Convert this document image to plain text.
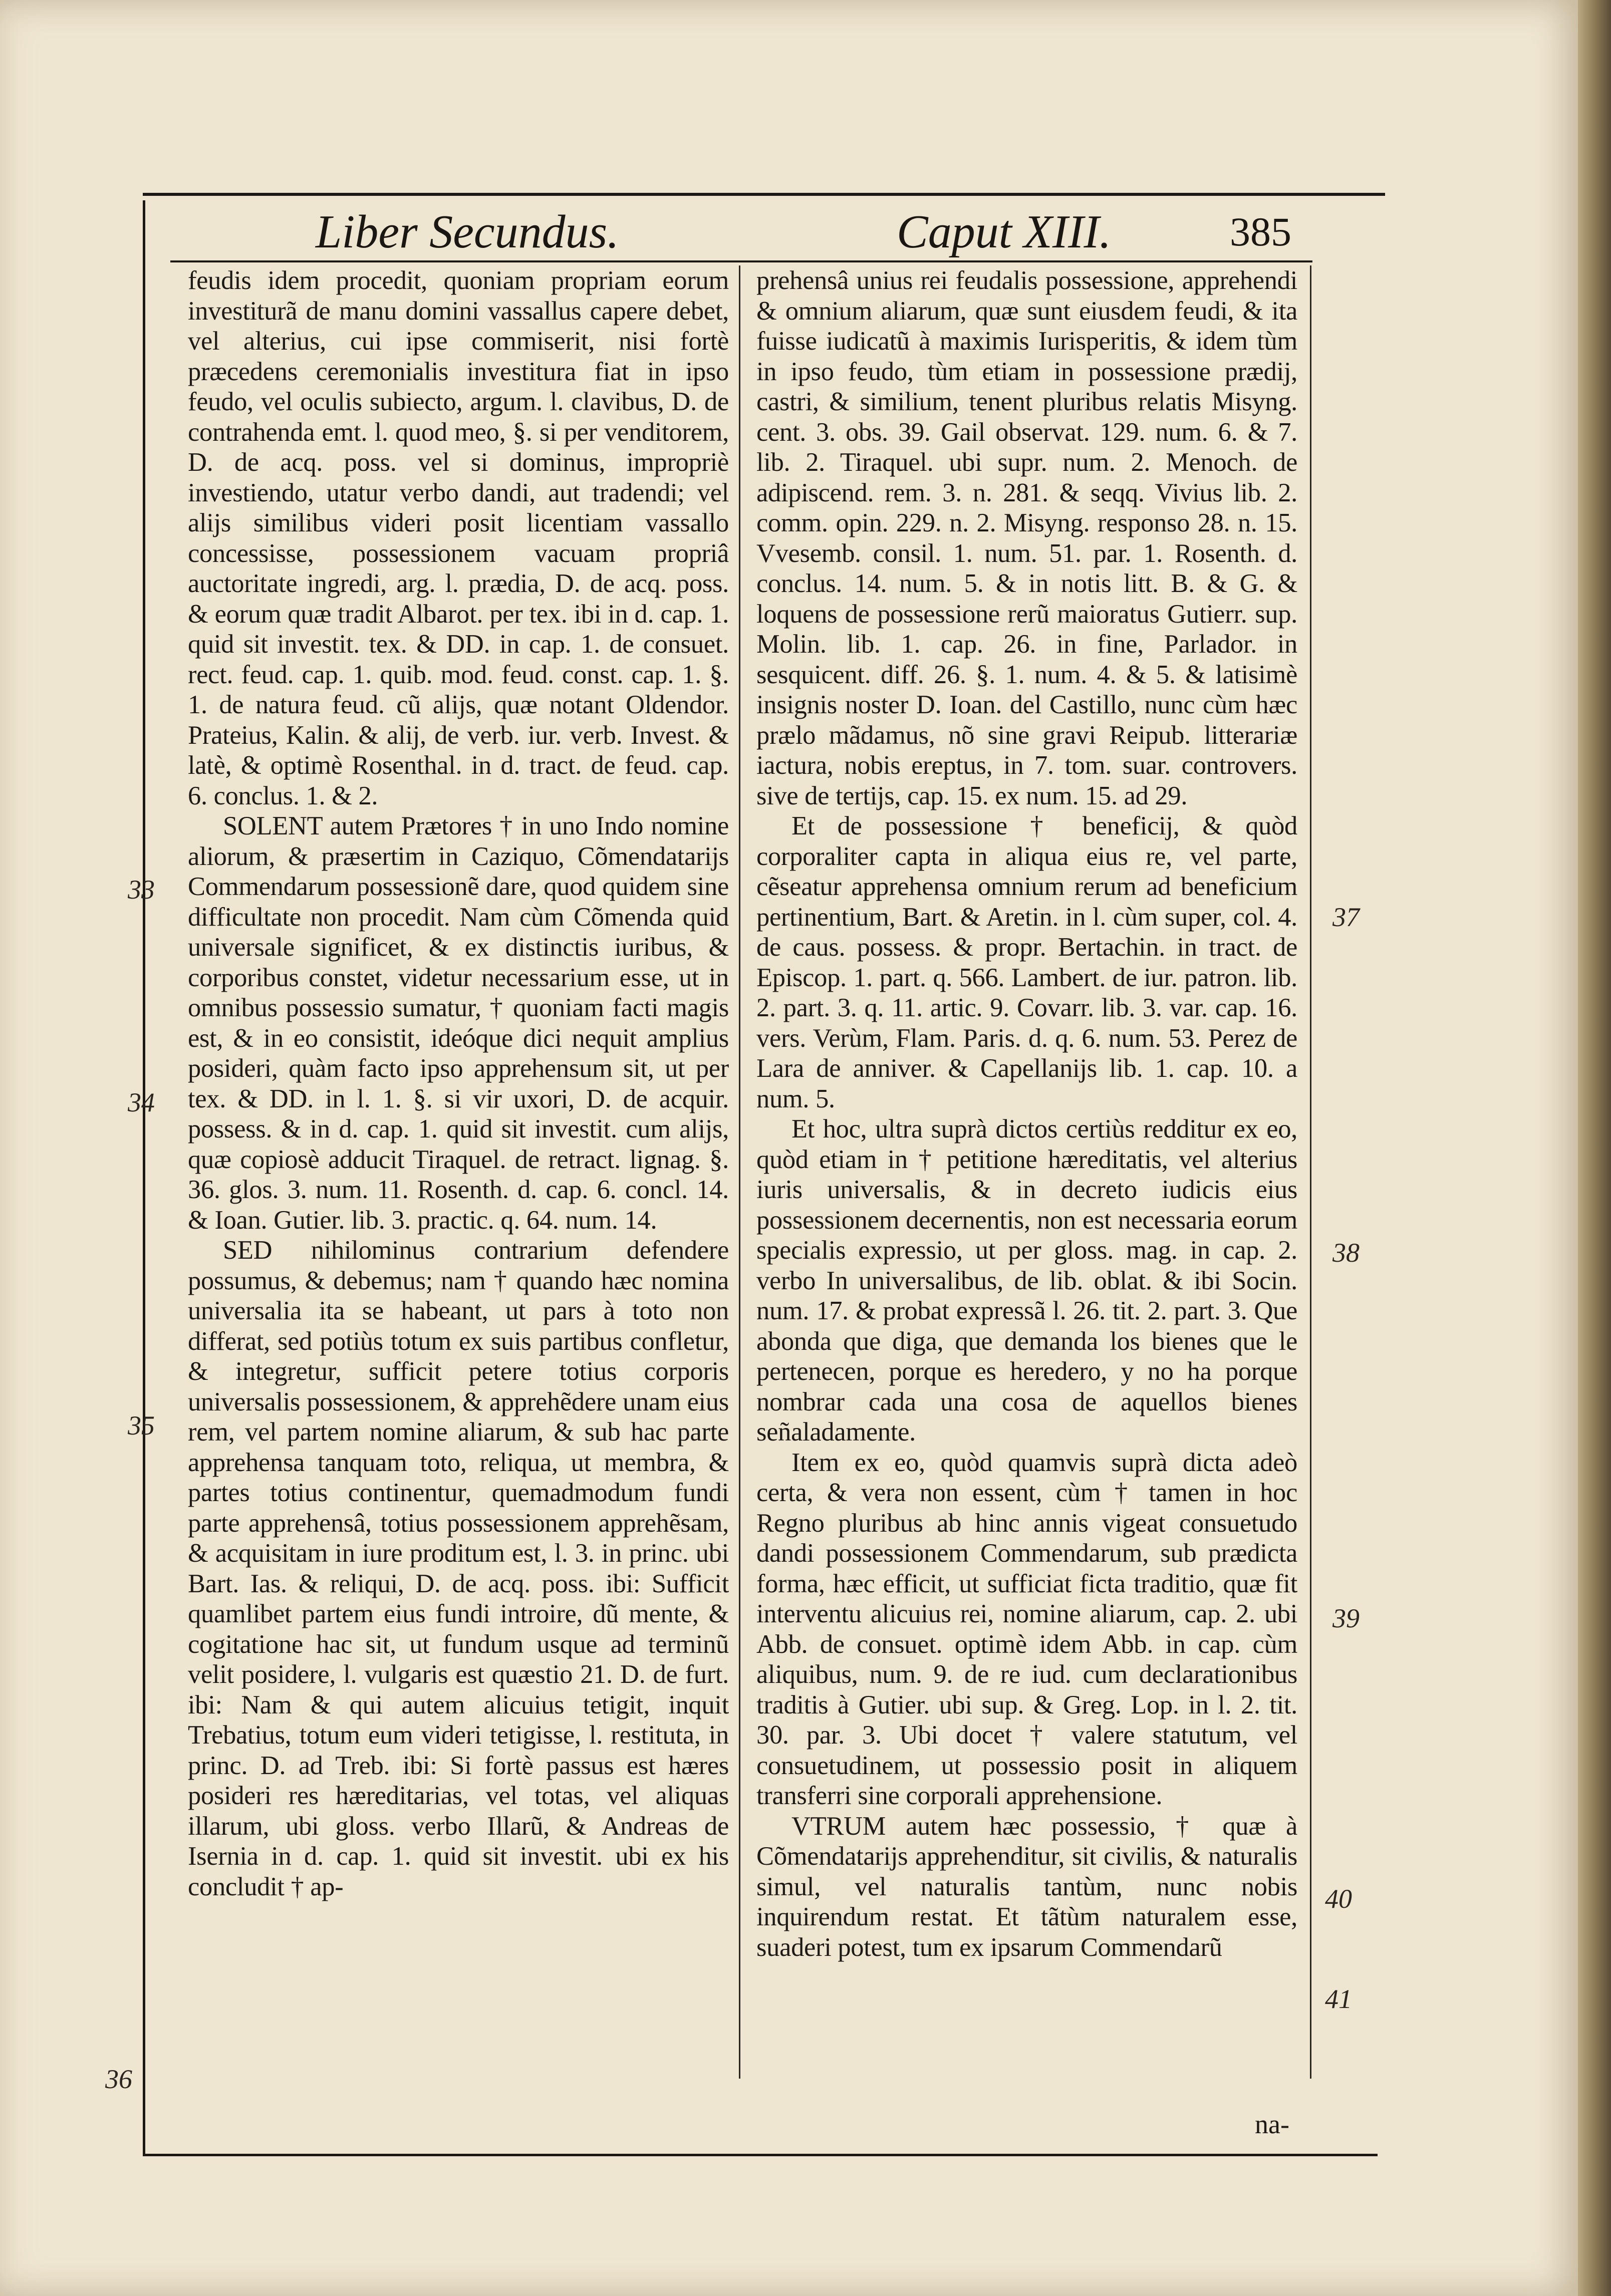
Liber Secundus.	Caput XIII.	385

feudis idem procedit, quoniam propriam eorum investiturã de manu domini vassallus capere debet, vel alterius, cui ipse commiserit, nisi fortè præcedens ceremonialis investitura fiat in ipso feudo, vel oculis subiecto, argum. l. clavibus, D. de contrahenda emt. l. quod meo, §. si per venditorem, D. de acq. poss. vel si dominus, impropriè investiendo, utatur verbo dandi, aut tradendi; vel alijs similibus videri posit licentiam vassallo concessisse, possessionem vacuam propriâ auctoritate ingredi, arg. l. prædia, D. de acq. poss. & eorum quæ tradit Albarot. per tex. ibi in d. cap. 1. quid sit investit. tex. & DD. in cap. 1. de consuet. rect. feud. cap. 1. quib. mod. feud. const. cap. 1. §. 1. de natura feud. cũ alijs, quæ notant Oldendor. Prateius, Kalin. & alij, de verb. iur. verb. Invest. & latè, & optimè Rosenthal. in d. tract. de feud. cap. 6. conclus. 1. & 2.

SOLENT autem Prætores † in uno Indo nomine aliorum, & præsertim in Caziquo, Cõmendatarijs Commendarum possessionẽ dare, quod quidem sine difficultate non procedit. Nam cùm Cõmenda quid universale significet, & ex distinctis iuribus, & corporibus constet, videtur necessarium esse, ut in omnibus possessio sumatur, † quoniam facti magis est, & in eo consistit, ideóque dici nequit amplius posideri, quàm facto ipso apprehensum sit, ut per tex. & DD. in l. 1. §. si vir uxori, D. de acquir. possess. & in d. cap. 1. quid sit investit. cum alijs, quæ copiosè adducit Tiraquel. de retract. lignag. §. 36. glos. 3. num. 11. Rosenth. d. cap. 6. concl. 14. & Ioan. Gutier. lib. 3. practic. q. 64. num. 14.

SED nihilominus contrarium defendere possumus, & debemus; nam † quando hæc nomina universalia ita se habeant, ut pars à toto non differat, sed potiùs totum ex suis partibus confletur, & integretur, sufficit petere totius corporis universalis possessionem, & apprehẽdere unam eius rem, vel partem nomine aliarum, & sub hac parte apprehensa tanquam toto, reliqua, ut membra, & partes totius continentur, quemadmodum fundi parte apprehensâ, totius possessionem apprehẽsam, & acquisitam in iure proditum est, l. 3. in princ. ubi Bart. Ias. & reliqui, D. de acq. poss. ibi: Sufficit quamlibet partem eius fundi introire, dũ mente, & cogitatione hac sit, ut fundum usque ad terminũ velit posidere, l. vulgaris est quæstio 21. D. de furt. ibi: Nam & qui autem alicuius tetigit, inquit Trebatius, totum eum videri tetigisse, l. restituta, in princ. D. ad Treb. ibi: Si fortè passus est hæres posideri res hæreditarias, vel totas, vel aliquas illarum, ubi gloss. verbo Illarũ, & Andreas de Isernia in d. cap. 1. quid sit investit. ubi ex his concludit † ap-

prehensâ unius rei feudalis possessione, apprehendi & omnium aliarum, quæ sunt eiusdem feudi, & ita fuisse iudicatũ à maximis Iurisperitis, & idem tùm in ipso feudo, tùm etiam in possessione prædij, castri, & similium, tenent pluribus relatis Misyng. cent. 3. obs. 39. Gail observat. 129. num. 6. & 7. lib. 2. Tiraquel. ubi supr. num. 2. Menoch. de adipiscend. rem. 3. n. 281. & seqq. Vivius lib. 2. comm. opin. 229. n. 2. Misyng. responso 28. n. 15. Vvesemb. consil. 1. num. 51. par. 1. Rosenth. d. conclus. 14. num. 5. & in notis litt. B. & G. & loquens de possessione rerũ maioratus Gutierr. sup. Molin. lib. 1. cap. 26. in fine, Parlador. in sesquicent. diff. 26. §. 1. num. 4. & 5. & latisimè insignis noster D. Ioan. del Castillo, nunc cùm hæc prælo mãdamus, nõ sine gravi Reipub. litterariæ iactura, nobis ereptus, in 7. tom. suar. controvers. sive de tertijs, cap. 15. ex num. 15. ad 29.

Et de possessione † beneficij, & quòd corporaliter capta in aliqua eius re, vel parte, cẽseatur apprehensa omnium rerum ad beneficium pertinentium, Bart. & Aretin. in l. cùm super, col. 4. de caus. possess. & propr. Bertachin. in tract. de Episcop. 1. part. q. 566. Lambert. de iur. patron. lib. 2. part. 3. q. 11. artic. 9. Covarr. lib. 3. var. cap. 16. vers. Verùm, Flam. Paris. d. q. 6. num. 53. Perez de Lara de anniver. & Capellanijs lib. 1. cap. 10. a num. 5.

Et hoc, ultra suprà dictos certiùs redditur ex eo, quòd etiam in † petitione hæreditatis, vel alterius iuris universalis, & in decreto iudicis eius possessionem decernentis, non est necessaria eorum specialis expressio, ut per gloss. mag. in cap. 2. verbo In universalibus, de lib. oblat. & ibi Socin. num. 17. & probat expressã l. 26. tit. 2. part. 3. Que abonda que diga, que demanda los bienes que le pertenecen, porque es heredero, y no ha porque nombrar cada una cosa de aquellos bienes señaladamente.

Item ex eo, quòd quamvis suprà dicta adeò certa, & vera non essent, cùm † tamen in hoc Regno pluribus ab hinc annis vigeat consuetudo dandi possessionem Commendarum, sub prædicta forma, hæc efficit, ut sufficiat ficta traditio, quæ fit interventu alicuius rei, nomine aliarum, cap. 2. ubi Abb. de consuet. optimè idem Abb. in cap. cùm aliquibus, num. 9. de re iud. cum declarationibus traditis à Gutier. ubi sup. & Greg. Lop. in l. 2. tit. 30. par. 3. Ubi docet † valere statutum, vel consuetudinem, ut possessio posit in aliquem transferri sine corporali apprehensione.

VTRUM autem hæc possessio, † quæ à Cõmendatarijs apprehenditur, sit civilis, & naturalis simul, vel naturalis tantùm, nunc nobis inquirendum restat. Et tãtùm naturalem esse, suaderi potest, tum ex ipsarum Commendarũ

33
34
35
36
37
38
39
40
41
na-
